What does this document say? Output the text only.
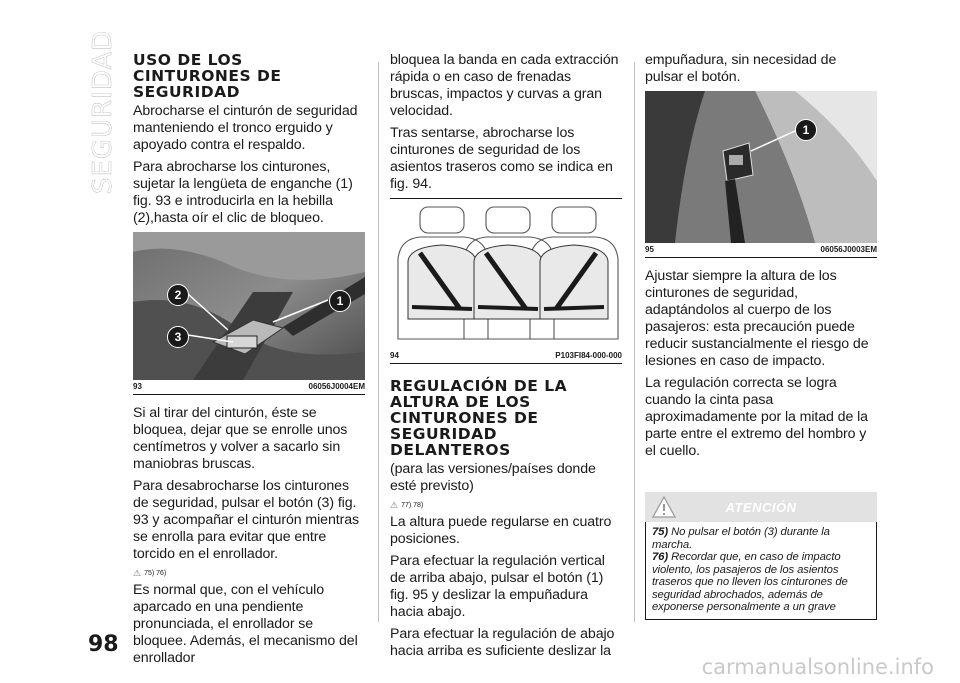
SEGURIDAD USO DE LOS CINTURONES DE SEGURIDAD

Abrocharse el cinturón de seguridad manteniendo el tronco erguido y apoyado contra el respaldo.

Para abrocharse los cinturones, sujetar la lengüeta de enganche (1) fig. 93 e introducirla en la hebilla (2),hasta oír el clic de bloqueo.

2	1
3
93	06056J0004EM

Si al tirar del cinturón, éste se bloquea, dejar que se enrolle unos centímetros y volver a sacarlo sin maniobras bruscas.

Para desabrocharse los cinturones de seguridad, pulsar el botón (3) fig. 93 y acompañar el cinturón mientras se enrolla para evitar que entre torcido en el enrollador.

⚠ 75) 76)

Es normal que, con el vehículo aparcado en una pendiente pronunciada, el enrollador se bloquee. Además, el mecanismo del enrollador

bloquea la banda en cada extracción rápida o en caso de frenadas bruscas, impactos y curvas a gran velocidad.

Tras sentarse, abrocharse los cinturones de seguridad de los asientos traseros como se indica en fig. 94.

94	P103FI84-000-000
REGULACIÓN DE LA ALTURA DE LOS CINTURONES DE SEGURIDAD DELANTEROS

(para las versiones/países donde esté previsto)

⚠ 77) 78)

La altura puede regularse en cuatro posiciones.

Para efectuar la regulación vertical de arriba abajo, pulsar el botón (1) fig. 95 y deslizar la empuñadura hacia abajo.

Para efectuar la regulación de abajo hacia arriba es suficiente deslizar la

empuñadura, sin necesidad de pulsar el botón.

1
95	06056J0003EM

Ajustar siempre la altura de los cinturones de seguridad, adaptándolos al cuerpo de los pasajeros: esta precaución puede reducir sustancialmente el riesgo de lesiones en caso de impacto.

La regulación correcta se logra cuando la cinta pasa aproximadamente por la mitad de la parte entre el extremo del hombro y el cuello.

ATENCIÓN

75) No pulsar el botón (3) durante la marcha.

76) Recordar que, en caso de impacto violento, los pasajeros de los asientos traseros que no lleven los cinturones de seguridad abrochados, además de exponerse personalmente a un grave

98
carmanualsonline.info
